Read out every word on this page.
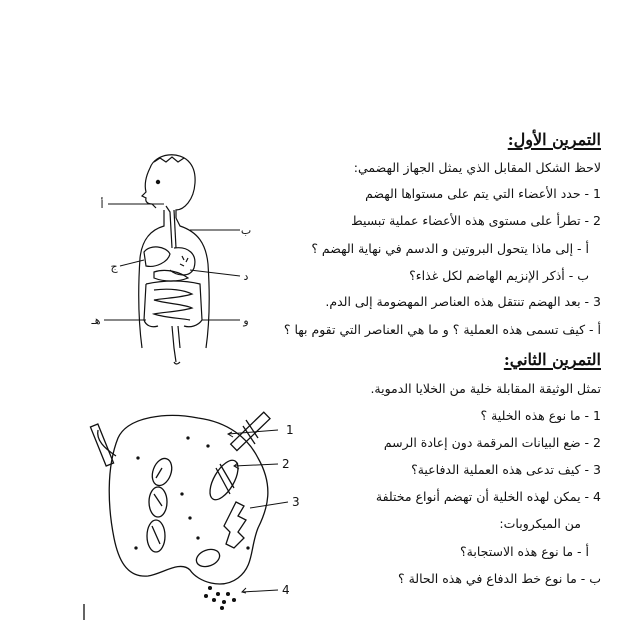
التمرين الأول:
لاحظ الشكل المقابل الذي يمثل الجهاز الهضمي:
1 - حدد الأعضاء التي يتم على مستواها الهضم
2 - تطرأ على مستوى هذه الأعضاء عملية تبسيط
أ - إلى ماذا يتحول البروتين و الدسم في نهاية الهضم ؟
ب - أذكر الإنزيم الهاضم لكل غذاء؟
3 - بعد الهضم تنتقل هذه العناصر المهضومة إلى الدم.
أ - كيف تسمى هذه العملية ؟ و ما هي العناصر التي تقوم بها ؟
التمرين الثاني:
تمثل الوثيقة المقابلة خلية من الخلايا الدموية.
1 - ما نوع هذه الخلية ؟
2 - ضع البيانات المرقمة دون إعادة الرسم
3 - كيف تدعى هذه العملية الدفاعية؟
4 - يمكن لهذه الخلية أن تهضم أنواع مختلفة
من الميكروبات:
أ - ما نوع هذه الاستجابة؟
ب - ما نوع خط الدفاع في هذه الحالة ؟
أ
ب
ج
د
هـ	و
1
2
3
4
